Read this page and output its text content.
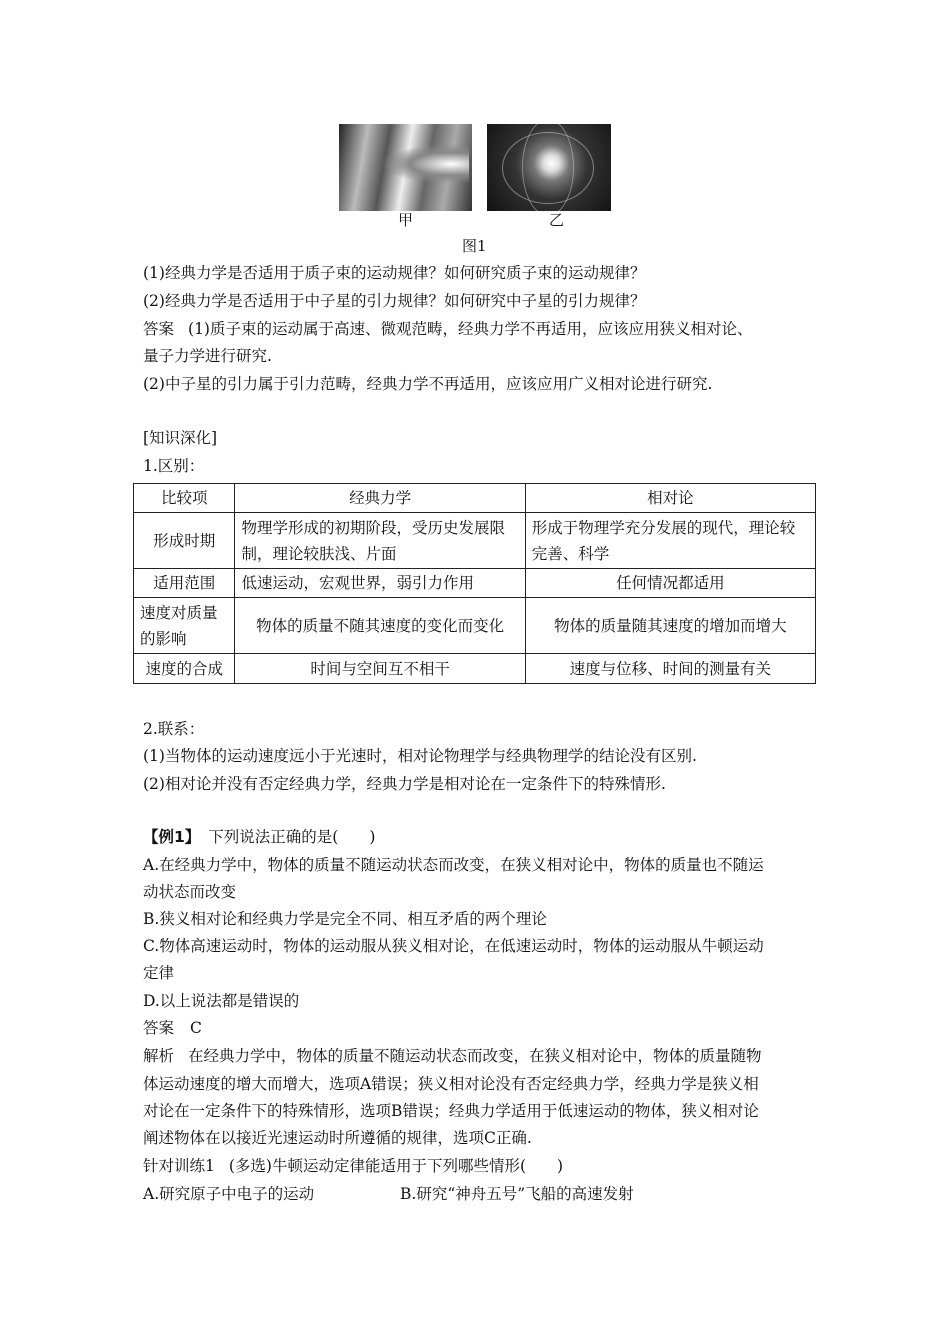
甲	乙
图1
(1)经典力学是否适用于质子束的运动规律？如何研究质子束的运动规律？
(2)经典力学是否适用于中子星的引力规律？如何研究中子星的引力规律？
答案 (1)质子束的运动属于高速、微观范畴，经典力学不再适用，应该应用狭义相对论、
量子力学进行研究.
(2)中子星的引力属于引力范畴，经典力学不再适用，应该应用广义相对论进行研究.
[知识深化]
1.区别：
比较项	经典力学	相对论
形成时期	物理学形成的初期阶段，受历史发展限制，理论较肤浅、片面	形成于物理学充分发展的现代，理论较完善、科学
适用范围	低速运动，宏观世界，弱引力作用	任何情况都适用
速度对质量的影响	物体的质量不随其速度的变化而变化	物体的质量随其速度的增加而增大
速度的合成	时间与空间互不相干	速度与位移、时间的测量有关
2.联系：
(1)当物体的运动速度远小于光速时，相对论物理学与经典物理学的结论没有区别.
(2)相对论并没有否定经典力学，经典力学是相对论在一定条件下的特殊情形.
【例1】 下列说法正确的是(　　)
A.在经典力学中，物体的质量不随运动状态而改变，在狭义相对论中，物体的质量也不随运
动状态而改变
B.狭义相对论和经典力学是完全不同、相互矛盾的两个理论
C.物体高速运动时，物体的运动服从狭义相对论，在低速运动时，物体的运动服从牛顿运动
定律
D.以上说法都是错误的
答案 C
解析 在经典力学中，物体的质量不随运动状态而改变，在狭义相对论中，物体的质量随物
体运动速度的增大而增大，选项A错误；狭义相对论没有否定经典力学，经典力学是狭义相
对论在一定条件下的特殊情形，选项B错误；经典力学适用于低速运动的物体，狭义相对论
阐述物体在以接近光速运动时所遵循的规律，选项C正确.
针对训练1 (多选)牛顿运动定律能适用于下列哪些情形(　　)
A.研究原子中电子的运动	B.研究“神舟五号”飞船的高速发射
